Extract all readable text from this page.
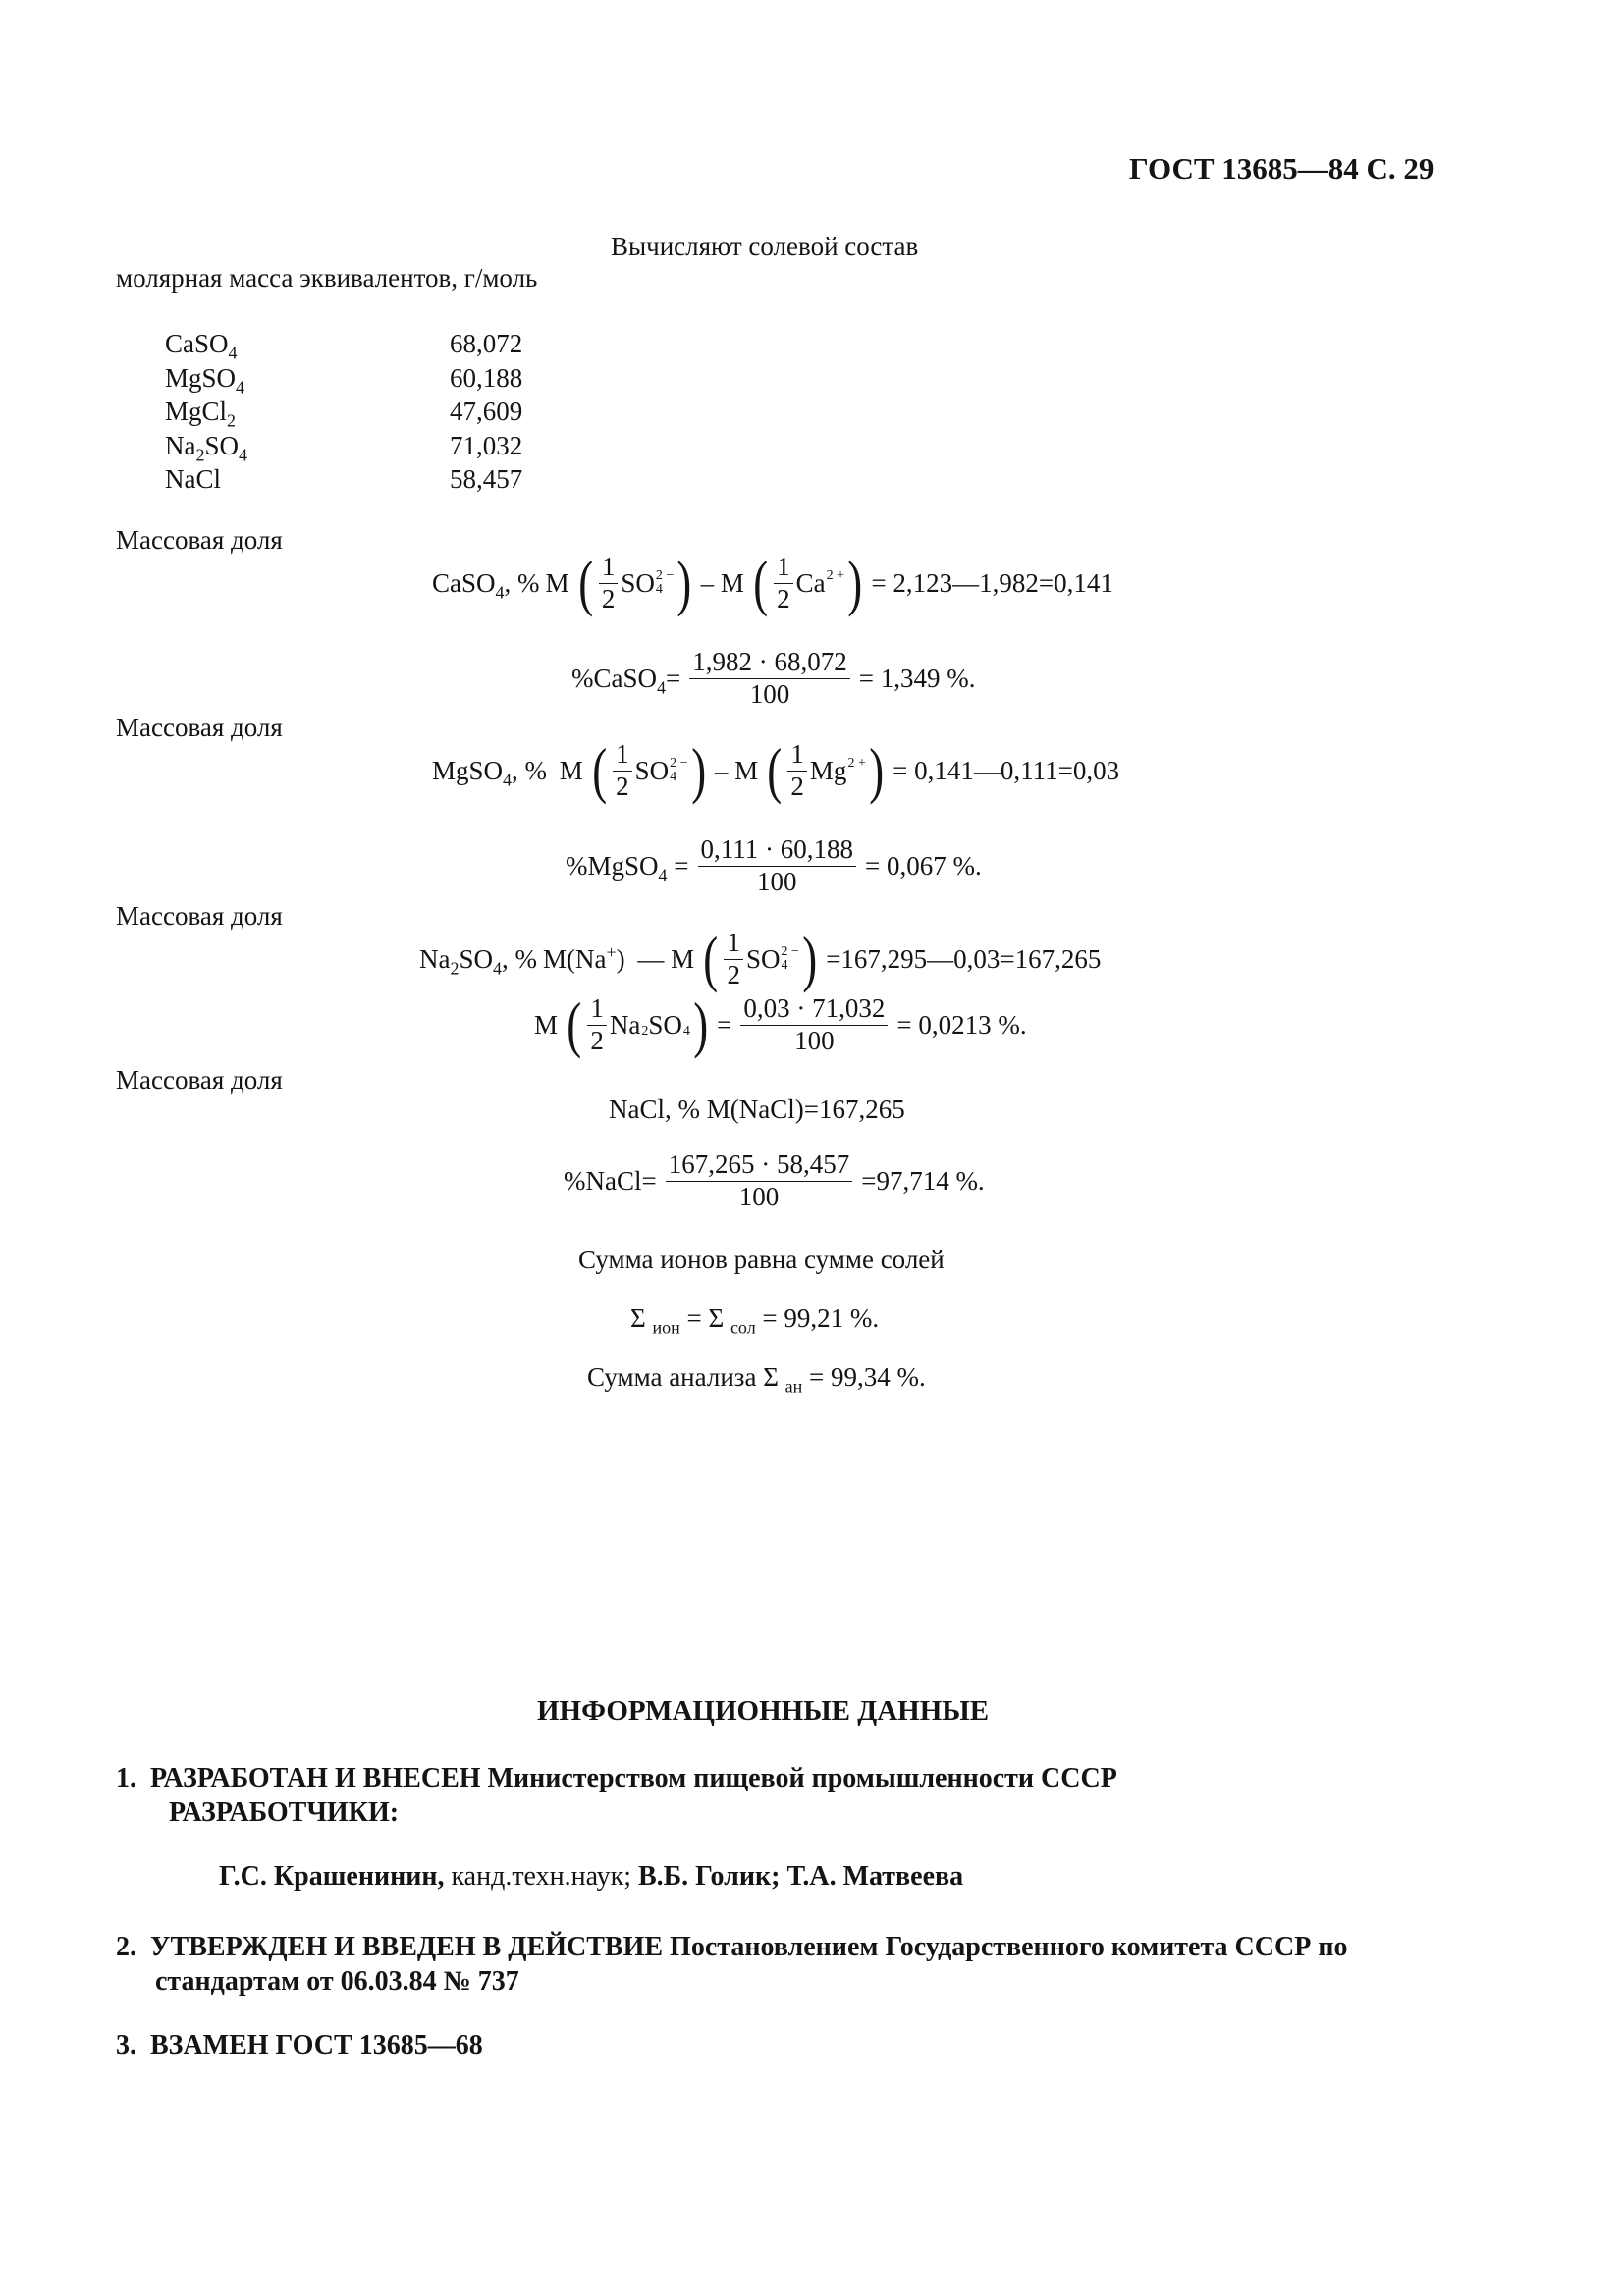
ГОСТ 13685—84 С. 29
Вычисляют солевой состав
молярная масса эквивалентов, г/моль
CaSO$_4$	68,072
MgSO$_4$	60,188
MgCl$_2$	47,609
$Na_2SO_4$	71,032
NaCl	58,457
Массовая доля
CaSO$_4$, % M ( $\frac{1}{2}$ SO 2 −
4 ) – M ( $\frac{1}{2}$ Ca 2 +
) = 2,123—1,982=0,141
%CaSO$_4$= $\frac{1,982 \cdot 68,072}{100} = 1,349$ %.
Массовая доля
MgSO$_4$, % M ( $\frac{1}{2}$ SO 2 −
4 ) – M ( $\frac{1}{2}$ Mg 2 +
) = 0,141—0,111=0,03
%MgSO$_4$ = $\frac{0,111 \cdot 60,188}{100} = 0,067$ %.
Массовая доля
$Na_2SO_4$, % M(Na+) — M ( $\frac{1}{2}$ SO 2 −
4 ) =167,295—0,03=167,265
M ( $\frac{1}{2}$ Na
2 SO
4 ) = $\frac{0,03 \cdot 71,032}{100} = 0,0213$ %.
Массовая доля
NaCl, % M(NaCl)=167,265
%NaCl= $\frac{167,265 \cdot 58,457}{100} =97,714$ %.
Сумма ионов равна сумме солей
Σ $_{ион}$ = Σ $_{сол}$ = 99,21 %.
Сумма анализа Σ $_{ан}$ = 99,34 %.
ИНФОРМАЦИОННЫЕ ДАННЫЕ
1. РАЗРАБОТАН И ВНЕСЕН Министерством пищевой промышленности СССР
РАЗРАБОТЧИКИ:
Г.С. Крашенинин, канд.техн.наук; В.Б. Голик; Т.А. Матвеева
2. УТВЕРЖДЕН И ВВЕДЕН В ДЕЙСТВИЕ Постановлением Государственного комитета СССР по
стандартам от 06.03.84 № 737
3. ВЗАМЕН ГОСТ 13685—68
